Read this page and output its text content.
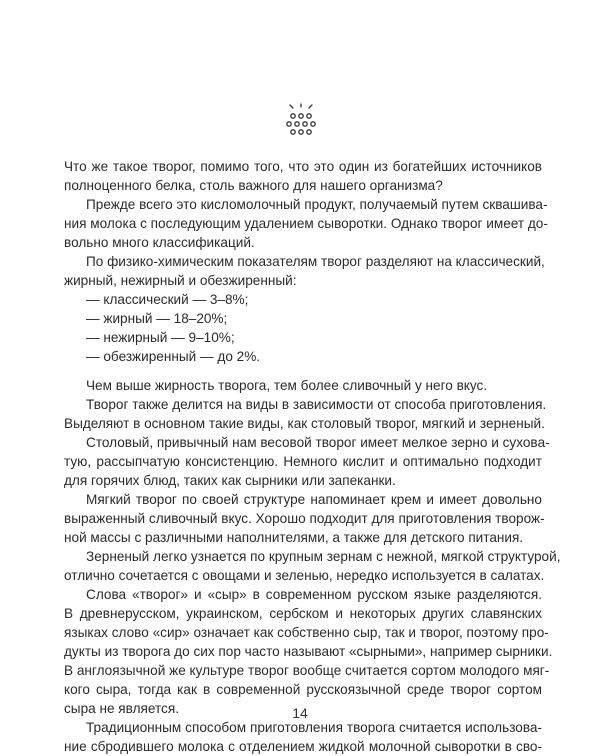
Что же такое творог, помимо того, что это один из богатейших источников
полноценного белка, столь важного для нашего организма?

Прежде всего это кисломолочный продукт, получаемый путем сквашива-
ния молока с последующим удалением сыворотки. Однако творог имеет до-
вольно много классификаций.

По физико-химическим показателям творог разделяют на классический,
жирный, нежирный и обезжиренный:

— классический — 3–8%;
— жирный — 18–20%;
— нежирный — 9–10%;
— обезжиренный — до 2%.

Чем выше жирность творога, тем более сливочный у него вкус.

Творог также делится на виды в зависимости от способа приготовления.
Выделяют в основном такие виды, как столовый творог, мягкий и зерненый.

Столовый, привычный нам весовой творог имеет мелкое зерно и суховa-
тую, рассыпчатую консистенцию. Немного кислит и оптимально подходит
для горячих блюд, таких как сырники или запеканки.

Мягкий творог по своей структуре напоминает крем и имеет довольно
выраженный сливочный вкус. Хорошо подходит для приготовления творож-
ной массы с различными наполнителями, а также для детского питания.

Зерненый легко узнается по крупным зернам с нежной, мягкой структурой,
отлично сочетается с овощами и зеленью, нередко используется в салатах.

Слова «творог» и «сыр» в современном русском языке разделяются.
В древнерусском, украинском, сербском и некоторых других славянских
языках слово «сир» означает как собственно сыр, так и творог, поэтому про-
дукты из творога до сих пор часто называют «сырными», например сырники.
В англоязычной же культуре творог вообще считается сортом молодого мяг-
кого сыра, тогда как в современной русскоязычной среде творог сортом
сыра не является.

Традиционным способом приготовления творога считается использова-
ние сбродившего молока с отделением жидкой молочной сыворотки в сво-

14
